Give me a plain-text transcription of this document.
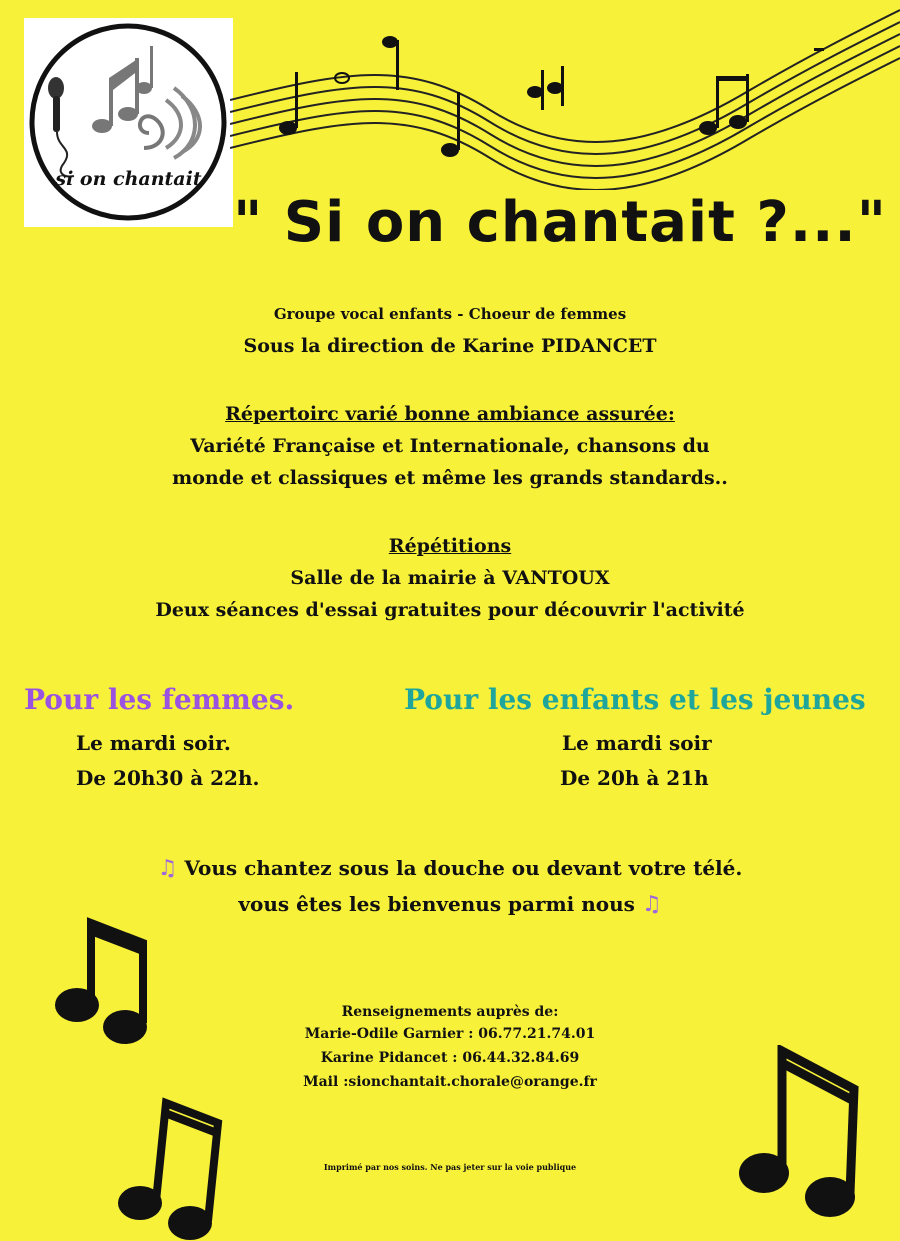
si on chantait
" Si on chantait ?..."
Groupe vocal enfants - Choeur de femmes
Sous la direction de Karine PIDANCET
Répertoirc varié bonne ambiance assurée:
Variété Française et Internationale, chansons du
monde et classiques et même les grands standards..
Répétitions
Salle de la mairie à VANTOUX
Deux séances d'essai gratuites pour découvrir l'activité
Pour les femmes.
Le mardi soir.
De 20h30 à 22h.
Pour les enfants et les jeunes
Le mardi soir
De 20h à 21h
♫ Vous chantez sous la douche ou devant votre télé.
vous êtes les bienvenus parmi nous ♫
Renseignements auprès de:
Marie-Odile Garnier : 06.77.21.74.01
Karine Pidancet : 06.44.32.84.69
Mail :sionchantait.chorale@orange.fr
Imprimé par nos soins. Ne pas jeter sur la voie publique
